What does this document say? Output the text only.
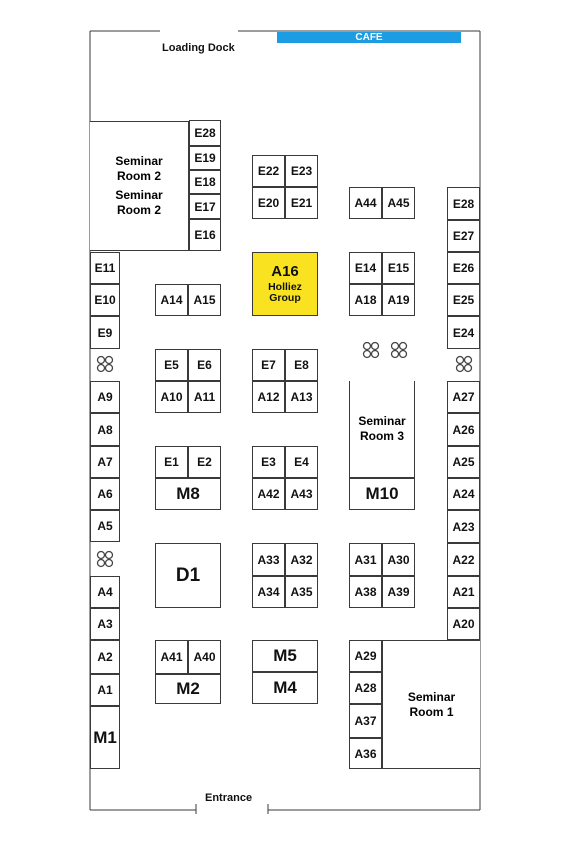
Loading Dock
CAFE
Entrance
Seminar Room 2
Seminar Room 2
E28
E19
E18
E17
E16
E22 E23
E20 E21	A44 A45	E28
E27
E26
E25
E24
E11
E10
E9
A14 A15
A16
Holliez Group
E14 E15
A18 A19
E5	E6
A10 A11
E7	E8
A12 A13
Seminar Room 3
M10
A9
A8
A7
A6
A5
A4
A3
A2
A1
M1
E1	E2
M8
E3	E4
A42 A43
A27
A26
A25
A24
A23
A22
A21
A20
D1
A33 A32
A34 A35
A31 A30
A38 A39
A41 A40
M2
M5
M4
A29
A28
A37
A36
Seminar Room 1
